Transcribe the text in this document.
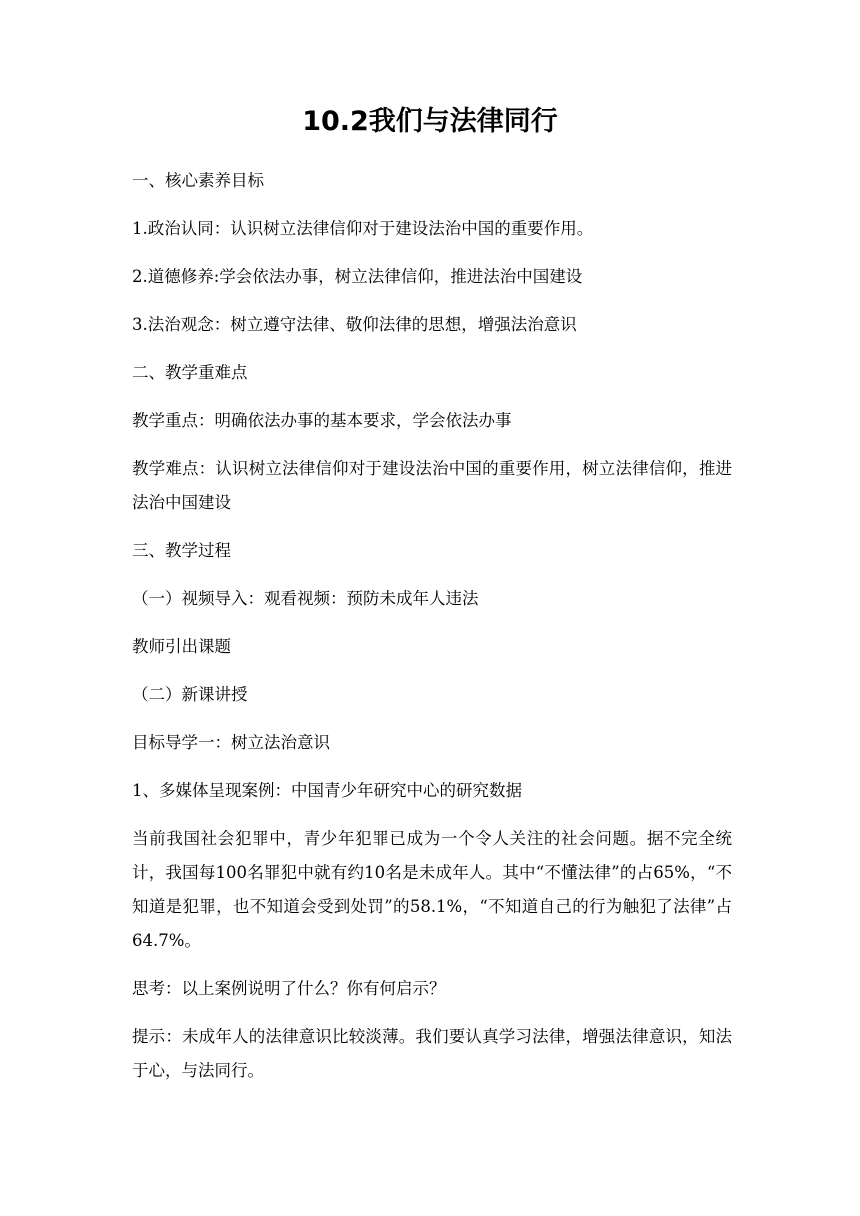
10.2我们与法律同行
一、核心素养目标
1.政治认同：认识树立法律信仰对于建设法治中国的重要作用。
2.道德修养:学会依法办事，树立法律信仰，推进法治中国建设
3.法治观念：树立遵守法律、敬仰法律的思想，增强法治意识
二、教学重难点
教学重点：明确依法办事的基本要求，学会依法办事
教学难点：认识树立法律信仰对于建设法治中国的重要作用，树立法律信仰，推进法治中国建设
三、教学过程
（一）视频导入：观看视频：预防未成年人违法
教师引出课题
（二）新课讲授
目标导学一：树立法治意识
1、多媒体呈现案例：中国青少年研究中心的研究数据
当前我国社会犯罪中，青少年犯罪已成为一个令人关注的社会问题。据不完全统计，我国每100名罪犯中就有约10名是未成年人。其中“不懂法律”的占65%，“不知道是犯罪，也不知道会受到处罚”的58.1%，“不知道自己的行为触犯了法律”占64.7%。
思考：以上案例说明了什么？你有何启示？
提示：未成年人的法律意识比较淡薄。我们要认真学习法律，增强法律意识，知法于心，与法同行。
